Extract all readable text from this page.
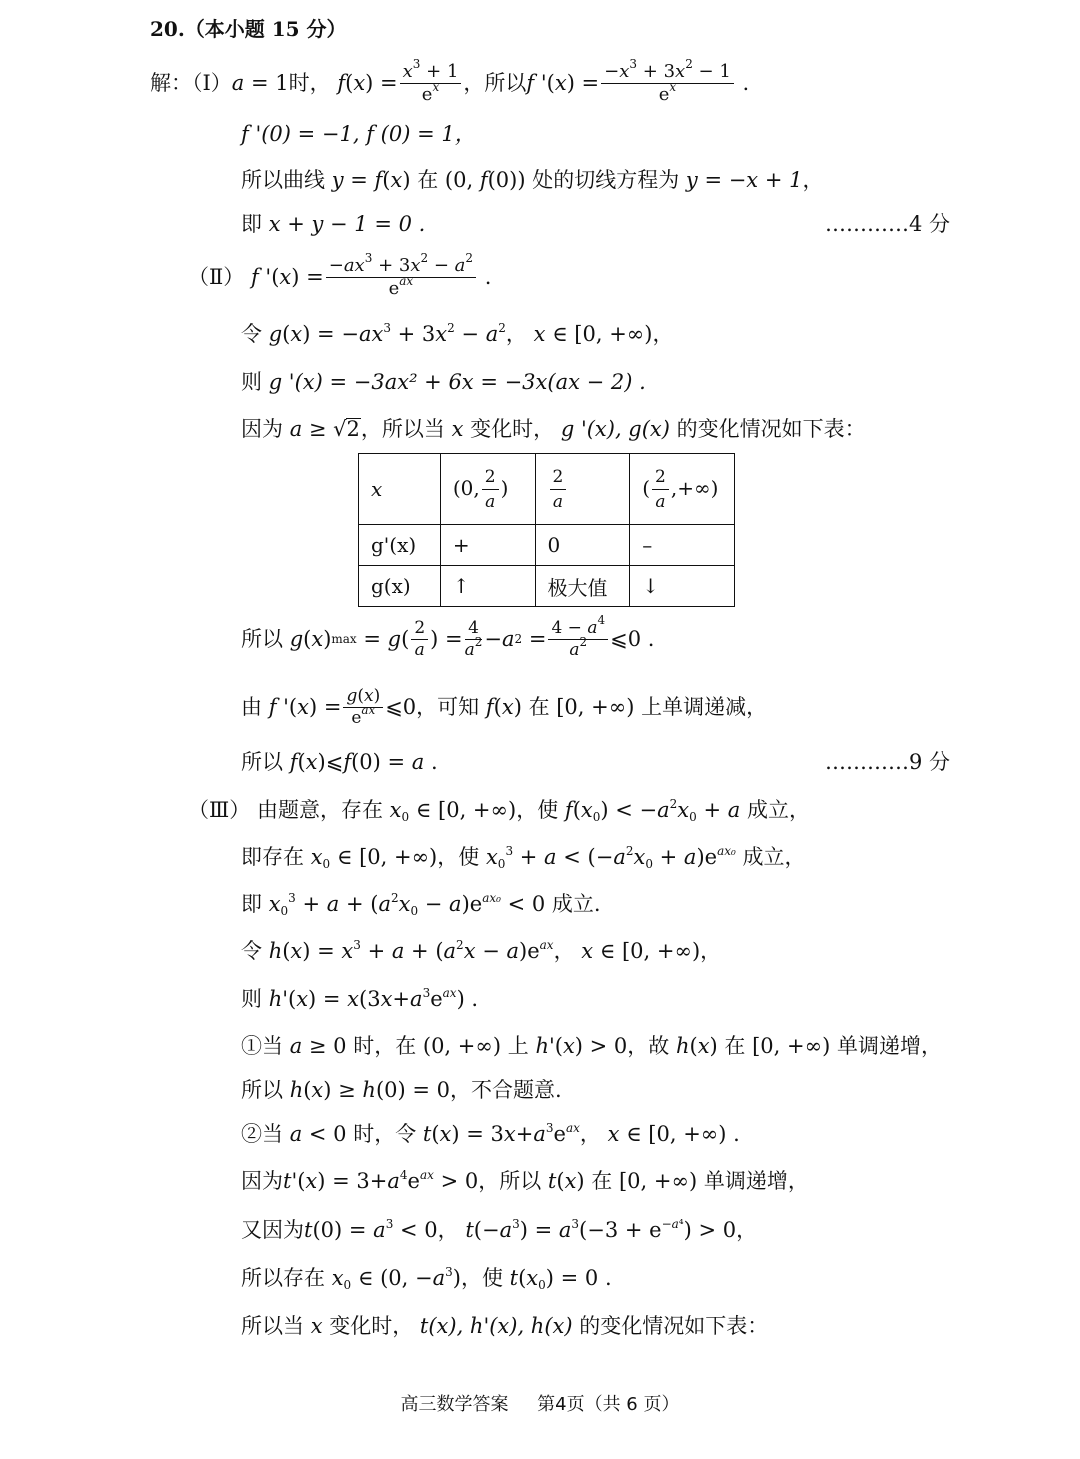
20.（本小题 15 分）
解：（Ⅰ） a = 1 时，
f ( x ) = $\frac{x^3 + 1}{e^x}$ ，所以 f '( x ) = $\frac{-x^3 + 3x^2 - 1}{e^x}$ .
f '(0) = −1, f (0) = 1，
所以曲线 y = f(x) 在 (0, f(0)) 处的切线方程为 y = −x + 1，
即 x + y − 1 = 0 .	…………4 分
（Ⅱ）
f '( x ) = $\frac{-ax^3 + 3x^2 - a^2}{e^{ax}}$ .
令 $g(x) = -ax^3 + 3x^2 - a^2$， x ∈ [0, +∞)，
则 g '(x) = −3ax² + 6x = −3x(ax − 2) .
因为 a ≥ √2，所以当 x 变化时， g '(x), g(x) 的变化情况如下表：
x	(0, $\frac{2}{a}$ )	$\frac{2}{a}$	( $\frac{2}{a}$ ,+∞)
g'(x)	+	0	–
g(x)	↑	极大值	↓
所以
g ( x ) max = g ( $\frac{2}{a}$ ) = $\frac{4}{a^2} - a$ $2 = \frac{4 - a^4}{a^2}$ ⩽0 .
由
f '( x ) = $\frac{g(x)}{e^{ax}}$ ⩽0 ，可知
f ( x ) 在 [0, +∞) 上单调递减，
所以 f(x)⩽f(0) = a .	…………9 分
（Ⅲ） 由题意，存在 $x_0$ ∈ [0, +∞)，使 $f(x_0) < -a^2x_0 + a$ 成立，
即存在 $x_0$ ∈ [0, +∞)，使 $x_0^3 + a < (-a^2x_0 + a)e^{ax_0}$ 成立，
即 $x_0^3 + a + (a^2x_0 - a)e^{ax_0} < 0$ 成立.
令 $h(x) = x^3 + a + (a^2x - a)e^{ax}$， x ∈ [0, +∞)，
则 $h'(x) = x(3x+a^3e^{ax})$ .
①当 a ≥ 0 时，在 (0, +∞) 上 h'(x) > 0，故 h(x) 在 [0, +∞) 单调递增，
所以 h(x) ≥ h(0) = 0，不合题意.
②当 a < 0 时，令 $t(x) = 3x+a^3e^{ax}$， x ∈ [0, +∞) .
因为$t'(x) = 3+a^4e^{ax} > 0$，所以 t(x) 在 [0, +∞) 单调递增，
又因为$t(0) = a^3 < 0$， $t(-a^3) = a^3(-3 + e^{-a^4}) > 0$，
所以存在 $x_0$ ∈ (0, $-a^3$)，使 $t(x_0) = 0$ .
所以当 x 变化时， t(x), h'(x), h(x) 的变化情况如下表：
高三数学答案 第4页（共 6 页）
